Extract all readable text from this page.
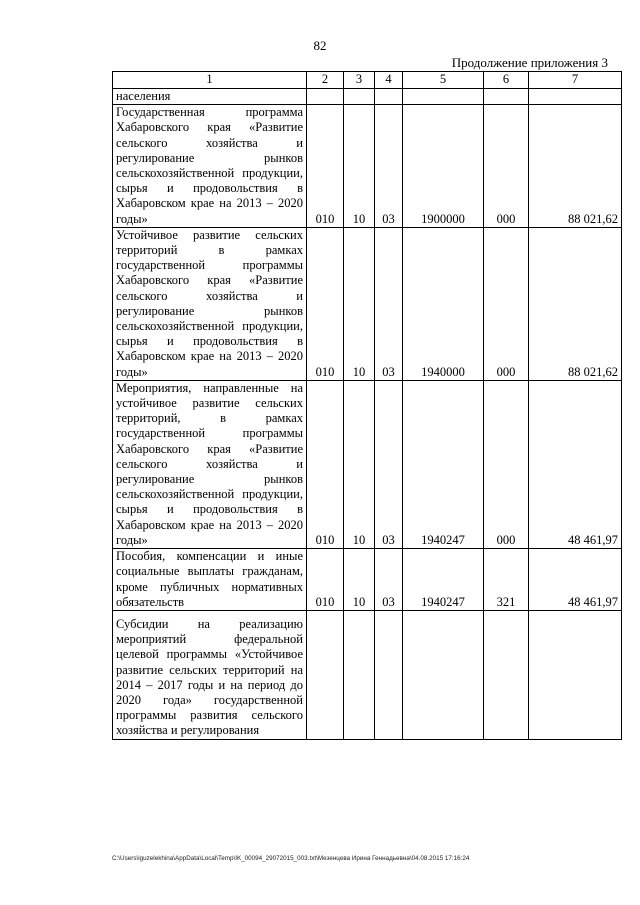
82
Продолжение приложения 3
1	2	3	4	5	6	7
населения						
Государственная программа Хабаровского края «Развитие сельского хозяйства и регулирование рынков сельскохозяйственной продукции, сырья и продовольствия в Хабаровском крае на 2013 – 2020 годы»	010	10	03	1900000	000	88 021,62
Устойчивое развитие сельских территорий в рамках государственной программы Хабаровского края «Развитие сельского хозяйства и регулирование рынков сельскохозяйственной продукции, сырья и продовольствия в Хабаровском крае на 2013 – 2020 годы»	010	10	03	1940000	000	88 021,62
Мероприятия, направленные на устойчивое развитие сельских территорий, в рамках государственной программы Хабаровского края «Развитие сельского хозяйства и регулирование рынков сельскохозяйственной продукции, сырья и продовольствия в Хабаровском крае на 2013 – 2020 годы»	010	10	03	1940247	000	48 461,97
Пособия, компенсации и иные социальные выплаты гражданам, кроме публичных нормативных обязательств	010	10	03	1940247	321	48 461,97
Субсидии на реализацию мероприятий федеральной целевой программы «Устойчивое развитие сельских территорий на 2014 – 2017 годы и на период до 2020 года» государственной программы развития сельского хозяйства и регулирования						
C:\Users\iguzelekhina\AppData\Local\Temp\IK_00094_29072015_003.txt\Мезенцева Ирина Геннадьевна\04.08.2015 17:16:24
